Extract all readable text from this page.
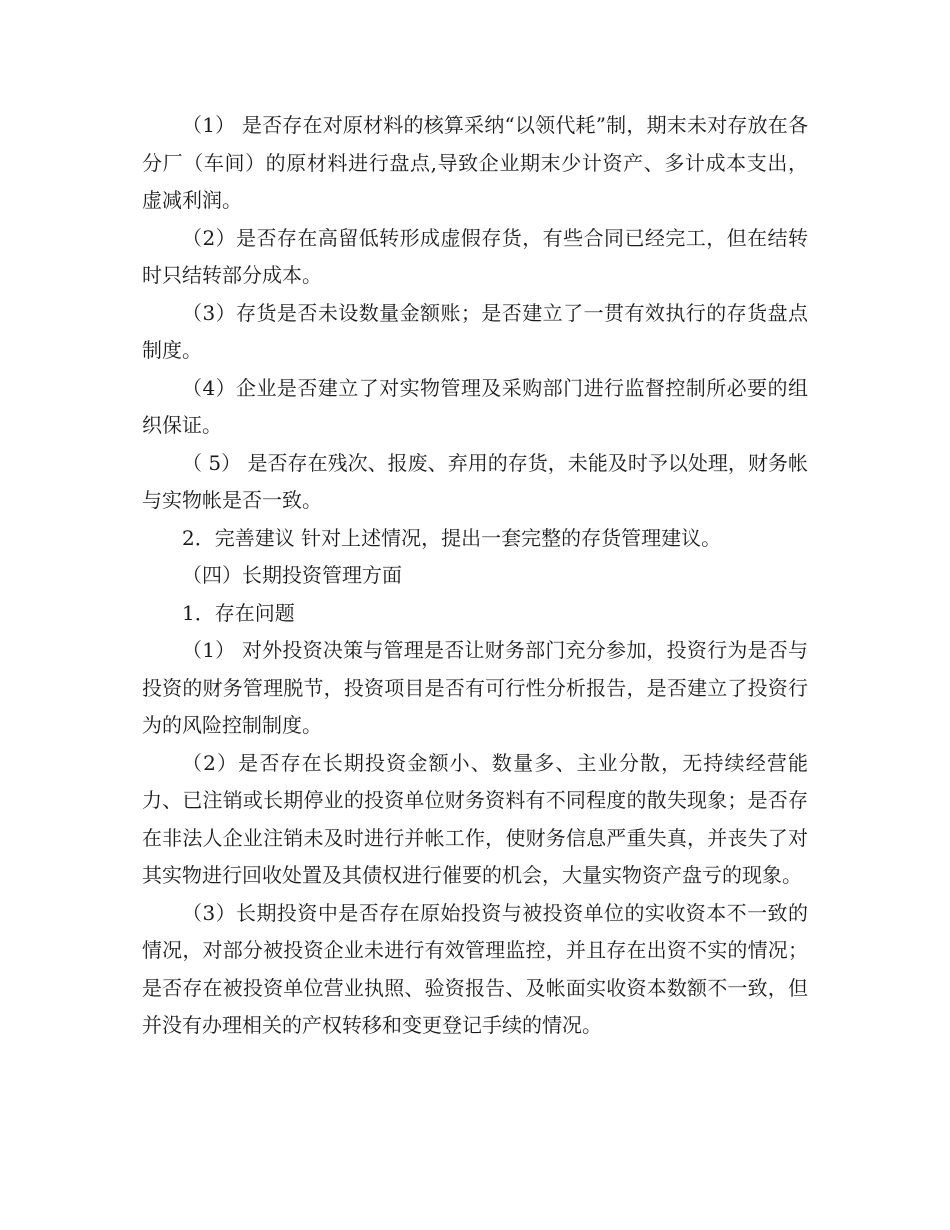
（1） 是否存在对原材料的核算采纳“以领代耗”制，期末未对存放在各分厂（车间）的原材料进行盘点,导致企业期末少计资产、多计成本支出，虚减利润。

（2）是否存在高留低转形成虚假存货，有些合同已经完工，但在结转时只结转部分成本。

（3）存货是否未设数量金额账；是否建立了一贯有效执行的存货盘点制度。

（4）企业是否建立了对实物管理及采购部门进行监督控制所必要的组织保证。

（ 5） 是否存在残次、报废、弃用的存货，未能及时予以处理，财务帐与实物帐是否一致。

2．完善建议 针对上述情况，提出一套完整的存货管理建议。

（四）长期投资管理方面

1．存在问题

（1） 对外投资决策与管理是否让财务部门充分参加，投资行为是否与投资的财务管理脱节，投资项目是否有可行性分析报告，是否建立了投资行为的风险控制制度。

（2）是否存在长期投资金额小、数量多、主业分散，无持续经营能力、已注销或长期停业的投资单位财务资料有不同程度的散失现象；是否存在非法人企业注销未及时进行并帐工作，使财务信息严重失真，并丧失了对其实物进行回收处置及其债权进行催要的机会，大量实物资产盘亏的现象。

（3）长期投资中是否存在原始投资与被投资单位的实收资本不一致的情况，对部分被投资企业未进行有效管理监控，并且存在出资不实的情况；是否存在被投资单位营业执照、验资报告、及帐面实收资本数额不一致，但并没有办理相关的产权转移和变更登记手续的情况。
